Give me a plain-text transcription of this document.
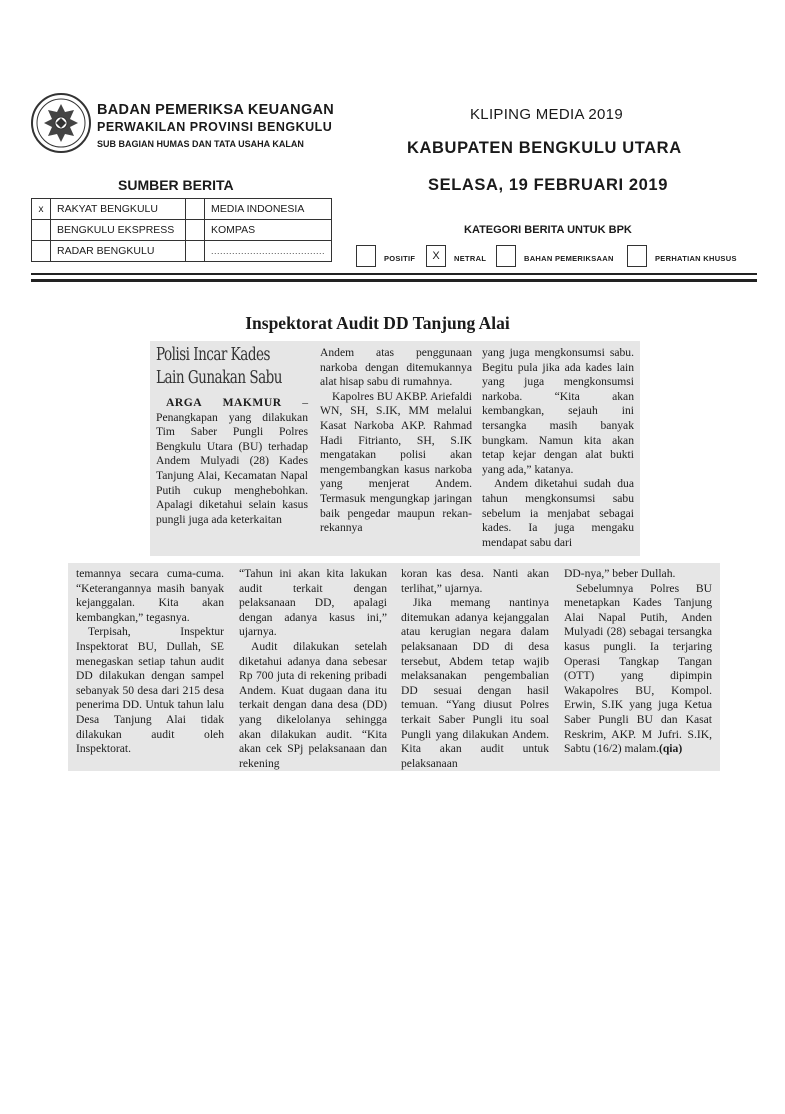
BADAN PEMERIKSA KEUANGAN
PERWAKILAN PROVINSI BENGKULU
SUB BAGIAN HUMAS DAN TATA USAHA KALAN
KLIPING MEDIA 2019
KABUPATEN BENGKULU UTARA
SELASA, 19 FEBRUARI 2019
SUMBER BERITA
x	RAKYAT BENGKULU		MEDIA INDONESIA
	BENGKULU EKSPRESS		KOMPAS
	RADAR BENGKULU		......................................
KATEGORI BERITA UNTUK BPK
POSITIF	X	NETRAL	BAHAN PEMERIKSAAN	PERHATIAN KHUSUS
Inspektorat Audit DD Tanjung Alai
Polisi Incar Kades
Lain Gunakan Sabu

ARGA MAKMUR – Penangkapan yang dilakukan Tim Saber Pungli Polres Bengkulu Utara (BU) terhadap Andem Mulyadi (28) Kades Tanjung Alai, Kecamatan Napal Putih cukup menghebohkan. Apalagi diketahui selain kasus pungli juga ada keterkaitan

Andem atas penggunaan narkoba dengan ditemukannya alat hisap sabu di rumahnya.

Kapolres BU AKBP. Ariefaldi WN, SH, S.IK, MM melalui Kasat Narkoba AKP. Rahmad Hadi Fitrianto, SH, S.IK mengatakan polisi akan mengembangkan kasus narkoba yang menjerat Andem. Termasuk mengungkap jaringan baik pengedar maupun rekan-rekannya

yang juga mengkonsumsi sabu. Begitu pula jika ada kades lain yang juga mengkonsumsi narkoba. “Kita akan kembangkan, sejauh ini tersangka masih banyak bungkam. Namun kita akan tetap kejar dengan alat bukti yang ada,” katanya.

Andem diketahui sudah dua tahun mengkonsumsi sabu sebelum ia menjabat sebagai kades. Ia juga mengaku mendapat sabu dari

temannya secara cuma-cuma. “Keterangannya masih banyak kejanggalan. Kita akan kembangkan,” tegasnya.

Terpisah, Inspektur Inspektorat BU, Dullah, SE menegaskan setiap tahun audit DD dilakukan dengan sampel sebanyak 50 desa dari 215 desa penerima DD. Untuk tahun lalu Desa Tanjung Alai tidak dilakukan audit oleh Inspektorat.

“Tahun ini akan kita lakukan audit terkait dengan pelaksanaan DD, apalagi dengan adanya kasus ini,” ujarnya.

Audit dilakukan setelah diketahui adanya dana sebesar Rp 700 juta di rekening pribadi Andem. Kuat dugaan dana itu terkait dengan dana desa (DD) yang dikelolanya sehingga akan dilakukan audit. “Kita akan cek SPj pelaksanaan dan rekening

koran kas desa. Nanti akan terlihat,” ujarnya.

Jika memang nantinya ditemukan adanya kejanggalan atau kerugian negara dalam pelaksanaan DD di desa tersebut, Abdem tetap wajib melaksanakan pengembalian DD sesuai dengan hasil temuan. “Yang diusut Polres terkait Saber Pungli itu soal Pungli yang dilakukan Andem. Kita akan audit untuk pelaksanaan

DD-nya,” beber Dullah.

Sebelumnya Polres BU menetapkan Kades Tanjung Alai Napal Putih, Anden Mulyadi (28) sebagai tersangka kasus pungli. Ia terjaring Operasi Tangkap Tangan (OTT) yang dipimpin Wakapolres BU, Kompol. Erwin, S.IK yang juga Ketua Saber Pungli BU dan Kasat Reskrim, AKP. M Jufri. S.IK, Sabtu (16/2) malam.(qia)
